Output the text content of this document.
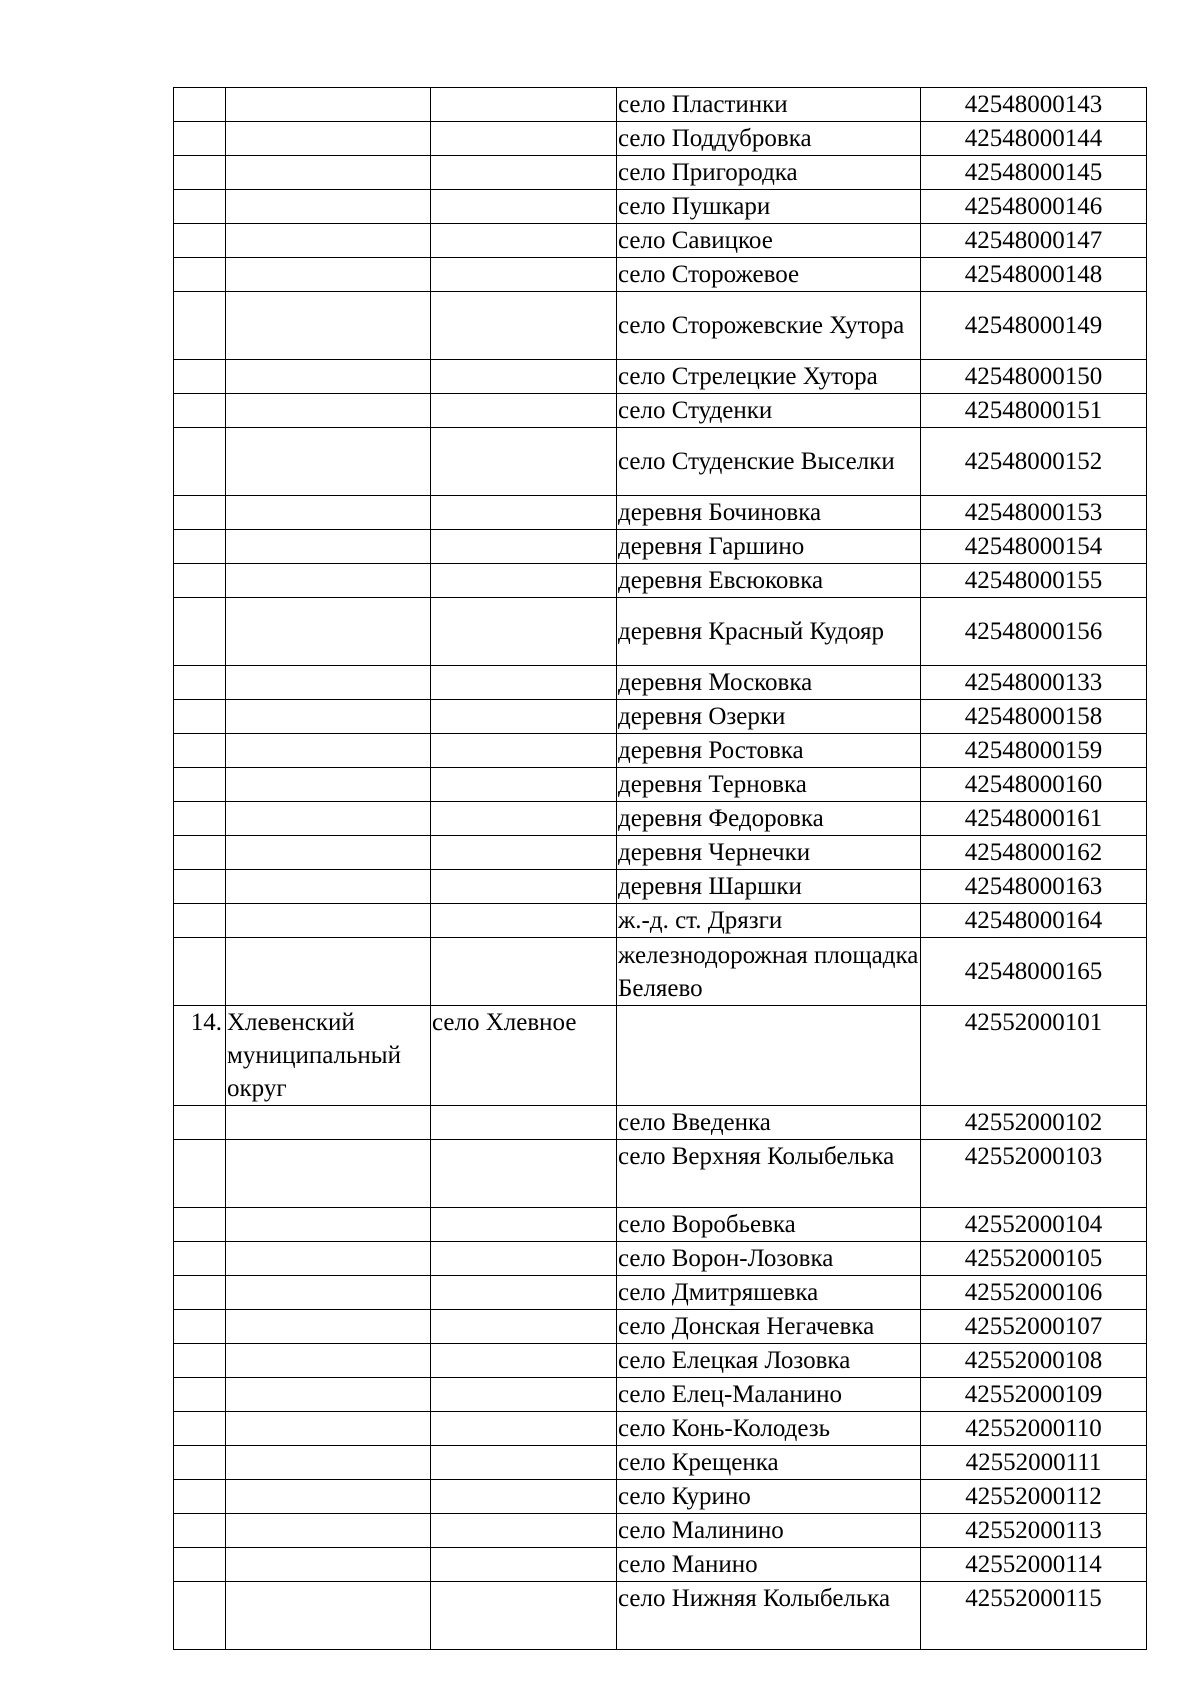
			село Пластинки	42548000143
			село Поддубровка	42548000144
			село Пригородка	42548000145
			село Пушкари	42548000146
			село Савицкое	42548000147
			село Сторожевое	42548000148
			село Сторожевские Хутора	42548000149
			село Стрелецкие Хутора	42548000150
			село Студенки	42548000151
			село Студенские Выселки	42548000152
			деревня Бочиновка	42548000153
			деревня Гаршино	42548000154
			деревня Евсюковка	42548000155
			деревня Красный Кудояр	42548000156
			деревня Московка	42548000133
			деревня Озерки	42548000158
			деревня Ростовка	42548000159
			деревня Терновка	42548000160
			деревня Федоровка	42548000161
			деревня Чернечки	42548000162
			деревня Шаршки	42548000163
			ж.-д. ст. Дрязги	42548000164
			железнодорожная площадка Беляево	42548000165
14.	Хлевенский муниципальный округ	село Хлевное		42552000101
			село Введенка	42552000102
			село Верхняя Колыбелька	42552000103
			село Воробьевка	42552000104
			село Ворон-Лозовка	42552000105
			село Дмитряшевка	42552000106
			село Донская Негачевка	42552000107
			село Елецкая Лозовка	42552000108
			село Елец-Маланино	42552000109
			село Конь-Колодезь	42552000110
			село Крещенка	42552000111
			село Курино	42552000112
			село Малинино	42552000113
			село Манино	42552000114
			село Нижняя Колыбелька	42552000115
